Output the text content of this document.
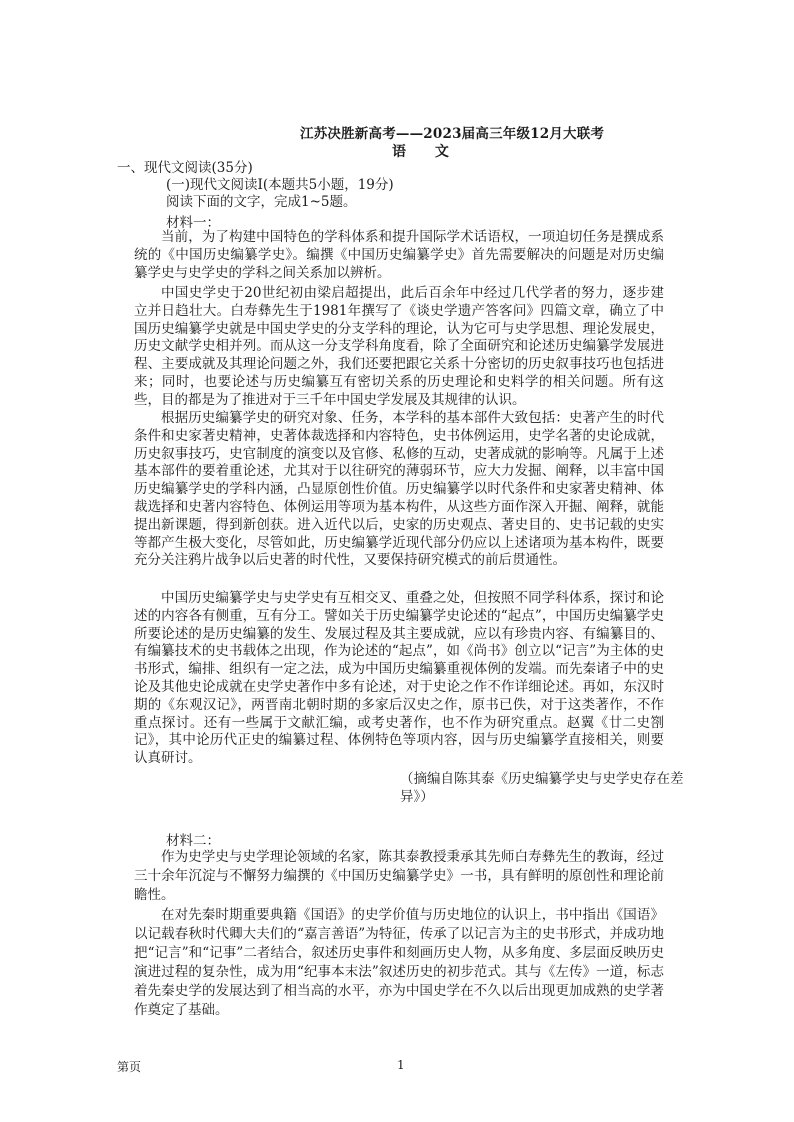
江苏决胜新高考——2023届高三年级12月大联考
语 文
一、现代文阅读(35分)
(一)现代文阅读Ⅰ(本题共5小题，19分)
阅读下面的文字，完成1~5题。
材料一：

当前，为了构建中国特色的学科体系和提升国际学术话语权，一项迫切任务是撰成系统的《中国历史编纂学史》。编撰《中国历史编纂学史》首先需要解决的问题是对历史编纂学史与史学史的学科之间关系加以辨析。

中国史学史于20世纪初由梁启超提出，此后百余年中经过几代学者的努力，逐步建立并日趋壮大。白寿彝先生于1981年撰写了《谈史学遗产答客问》四篇文章，确立了中国历史编纂学史就是中国史学史的分支学科的理论，认为它可与史学思想、理论发展史，历史文献学史相并列。而从这一分支学科角度看，除了全面研究和论述历史编纂学发展进程、主要成就及其理论问题之外，我们还要把跟它关系十分密切的历史叙事技巧也包括进来；同时，也要论述与历史编纂互有密切关系的历史理论和史料学的相关问题。所有这些，目的都是为了推进对于三千年中国史学发展及其规律的认识。

根据历史编纂学史的研究对象、任务，本学科的基本部件大致包括：史著产生的时代条件和史家著史精神，史著体裁选择和内容特色，史书体例运用，史学名著的史论成就，历史叙事技巧，史官制度的演变以及官修、私修的互动，史著成就的影响等。凡属于上述基本部件的要着重论述，尤其对于以往研究的薄弱环节，应大力发掘、阐释，以丰富中国历史编纂学史的学科内涵，凸显原创性价值。历史编纂学以时代条件和史家著史精神、体裁选择和史著内容特色、体例运用等项为基本构件，从这些方面作深入开掘、阐释，就能提出新课题，得到新创获。进入近代以后，史家的历史观点、著史目的、史书记载的史实等都产生极大变化，尽管如此，历史编纂学近现代部分仍应以上述诸项为基本构件，既要充分关注鸦片战争以后史著的时代性，又要保持研究模式的前后贯通性。

中国历史编纂学史与史学史有互相交叉、重叠之处，但按照不同学科体系，探讨和论述的内容各有侧重，互有分工。譬如关于历史编纂学史论述的“起点”，中国历史编纂学史所要论述的是历史编纂的发生、发展过程及其主要成就，应以有珍贵内容、有编纂目的、有编纂技术的史书载体之出现，作为论述的“起点”，如《尚书》创立以“记言”为主体的史书形式，编排、组织有一定之法，成为中国历史编纂重视体例的发端。而先秦诸子中的史论及其他史论成就在史学史著作中多有论述，对于史论之作不作详细论述。再如，东汉时期的《东观汉记》，两晋南北朝时期的多家后汉史之作，原书已佚，对于这类著作，不作重点探讨。还有一些属于文献汇编，或考史著作，也不作为研究重点。赵翼《廿二史劄记》，其中论历代正史的编纂过程、体例特色等项内容，因与历史编纂学直接相关，则要认真研讨。

（摘编自陈其泰《历史编纂学史与史学史存在差异》）
材料二：

作为史学史与史学理论领域的名家，陈其泰教授秉承其先师白寿彝先生的教诲，经过三十余年沉淀与不懈努力编撰的《中国历史编纂学史》一书，具有鲜明的原创性和理论前瞻性。

在对先秦时期重要典籍《国语》的史学价值与历史地位的认识上，书中指出《国语》以记载春秋时代卿大夫们的“嘉言善语”为特征，传承了以记言为主的史书形式，并成功地把“记言”和“记事”二者结合，叙述历史事件和刻画历史人物，从多角度、多层面反映历史演进过程的复杂性，成为用“纪事本末法”叙述历史的初步范式。其与《左传》一道，标志着先秦史学的发展达到了相当高的水平，亦为中国史学在不久以后出现更加成熟的史学著作奠定了基础。

第页	1
